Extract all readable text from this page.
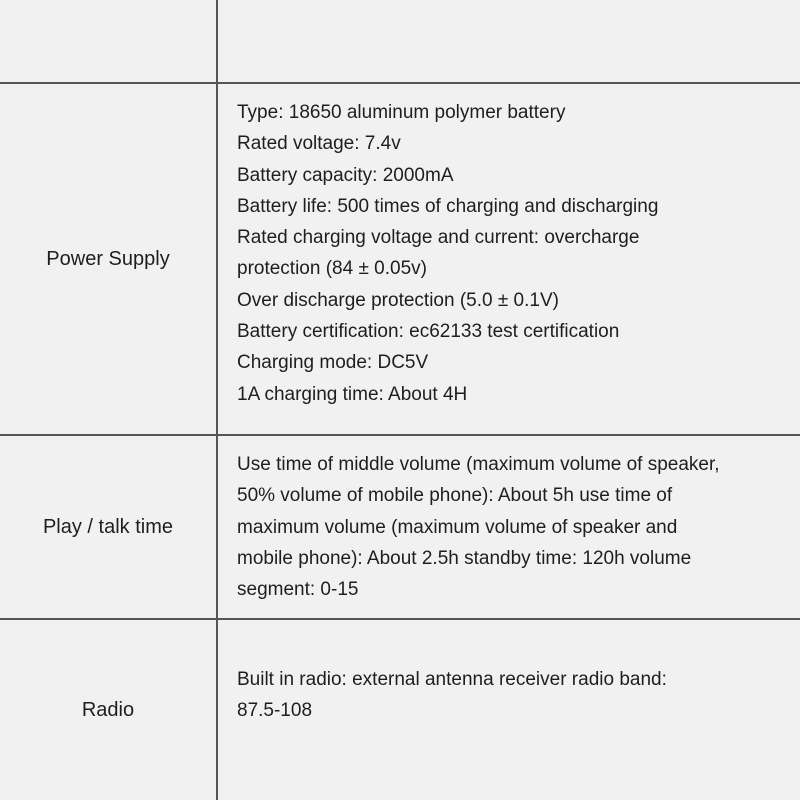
Power Supply
Type: 18650 aluminum polymer battery
Rated voltage: 7.4v
Battery capacity: 2000mA
Battery life: 500 times of charging and discharging
Rated charging voltage and current: overcharge
protection (84 ± 0.05v)
Over discharge protection (5.0 ± 0.1V)
Battery certification: ec62133 test certification
Charging mode: DC5V
1A charging time: About 4H
Play / talk time
Use time of middle volume (maximum volume of speaker,
50% volume of mobile phone): About 5h use time of
maximum volume (maximum volume of speaker and
mobile phone): About 2.5h standby time: 120h volume
segment: 0-15
Radio
Built in radio: external antenna receiver radio band:
87.5-108
